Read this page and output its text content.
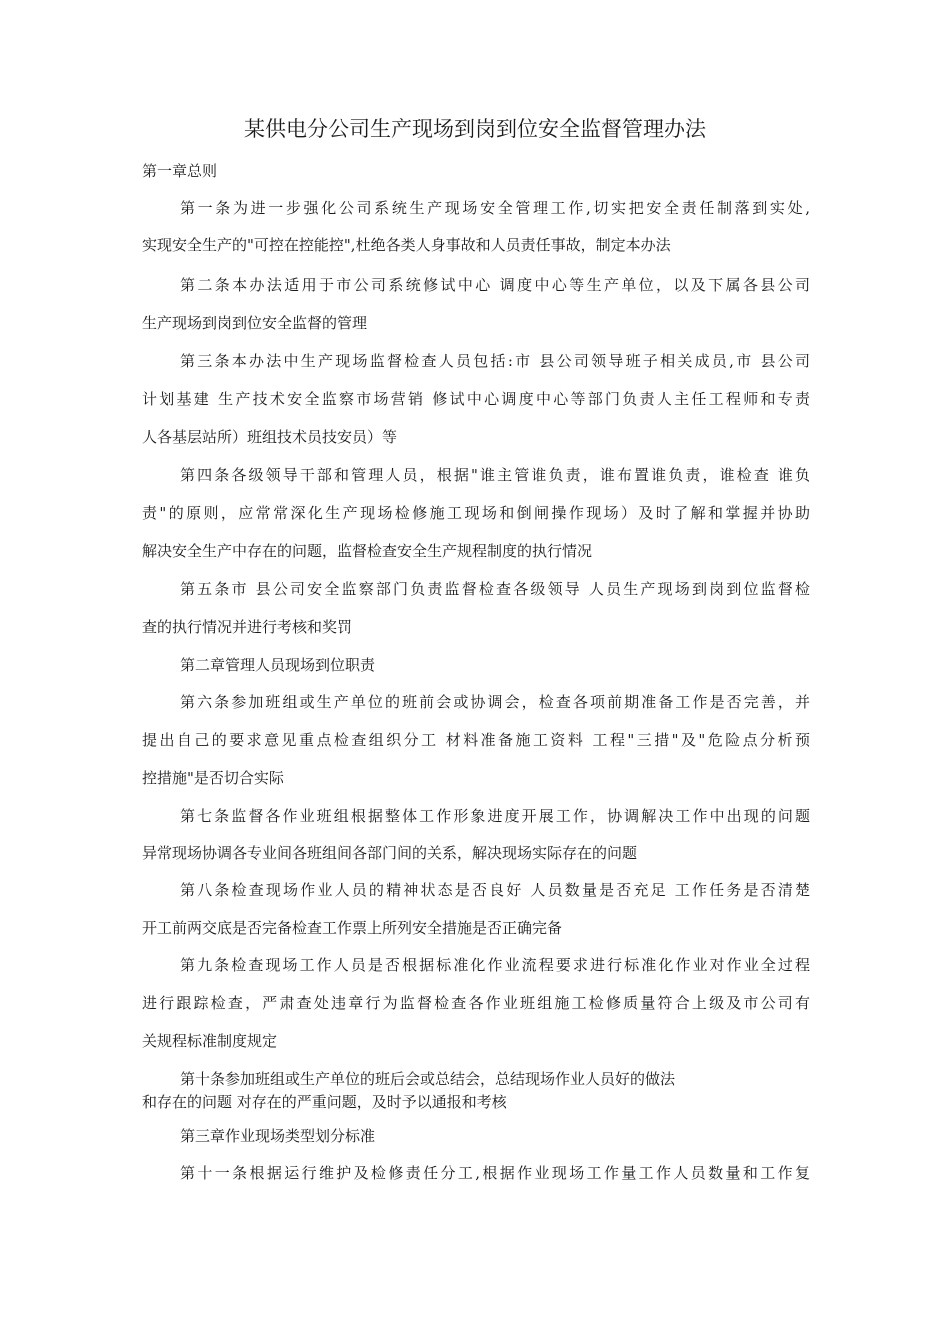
某供电分公司生产现场到岗到位安全监督管理办法
第一章总则
第一条为进一步强化公司系统生产现场安全管理工作,切实把安全责任制落到实处,
实现安全生产的"可控在控能控",杜绝各类人身事故和人员责任事故，制定本办法
第二条本办法适用于市公司系统修试中心 调度中心等生产单位，以及下属各县公司
生产现场到岗到位安全监督的管理
第三条本办法中生产现场监督检查人员包括:市 县公司领导班子相关成员,市 县公司
计划基建 生产技术安全监察市场营销 修试中心调度中心等部门负责人主任工程师和专责
人各基层站所）班组技术员技安员）等
第四条各级领导干部和管理人员，根据"谁主管谁负责，谁布置谁负责，谁检查 谁负
责"的原则，应常常深化生产现场检修施工现场和倒闸操作现场）及时了解和掌握并协助
解决安全生产中存在的问题，监督检查安全生产规程制度的执行情况
第五条市 县公司安全监察部门负责监督检查各级领导 人员生产现场到岗到位监督检
查的执行情况并进行考核和奖罚
第二章管理人员现场到位职责
第六条参加班组或生产单位的班前会或协调会，检查各项前期准备工作是否完善，并
提出自己的要求意见重点检查组织分工 材料准备施工资料 工程"三措"及"危险点分析预
控措施"是否切合实际
第七条监督各作业班组根据整体工作形象进度开展工作，协调解决工作中出现的问题
异常现场协调各专业间各班组间各部门间的关系，解决现场实际存在的问题
第八条检查现场作业人员的精神状态是否良好 人员数量是否充足 工作任务是否清楚
开工前两交底是否完备检查工作票上所列安全措施是否正确完备
第九条检查现场工作人员是否根据标准化作业流程要求进行标准化作业对作业全过程
进行跟踪检查，严肃查处违章行为监督检查各作业班组施工检修质量符合上级及市公司有
关规程标准制度规定
第十条参加班组或生产单位的班后会或总结会，总结现场作业人员好的做法
和存在的问题 对存在的严重问题，及时予以通报和考核
第三章作业现场类型划分标准
第十一条根据运行维护及检修责任分工,根据作业现场工作量工作人员数量和工作复
